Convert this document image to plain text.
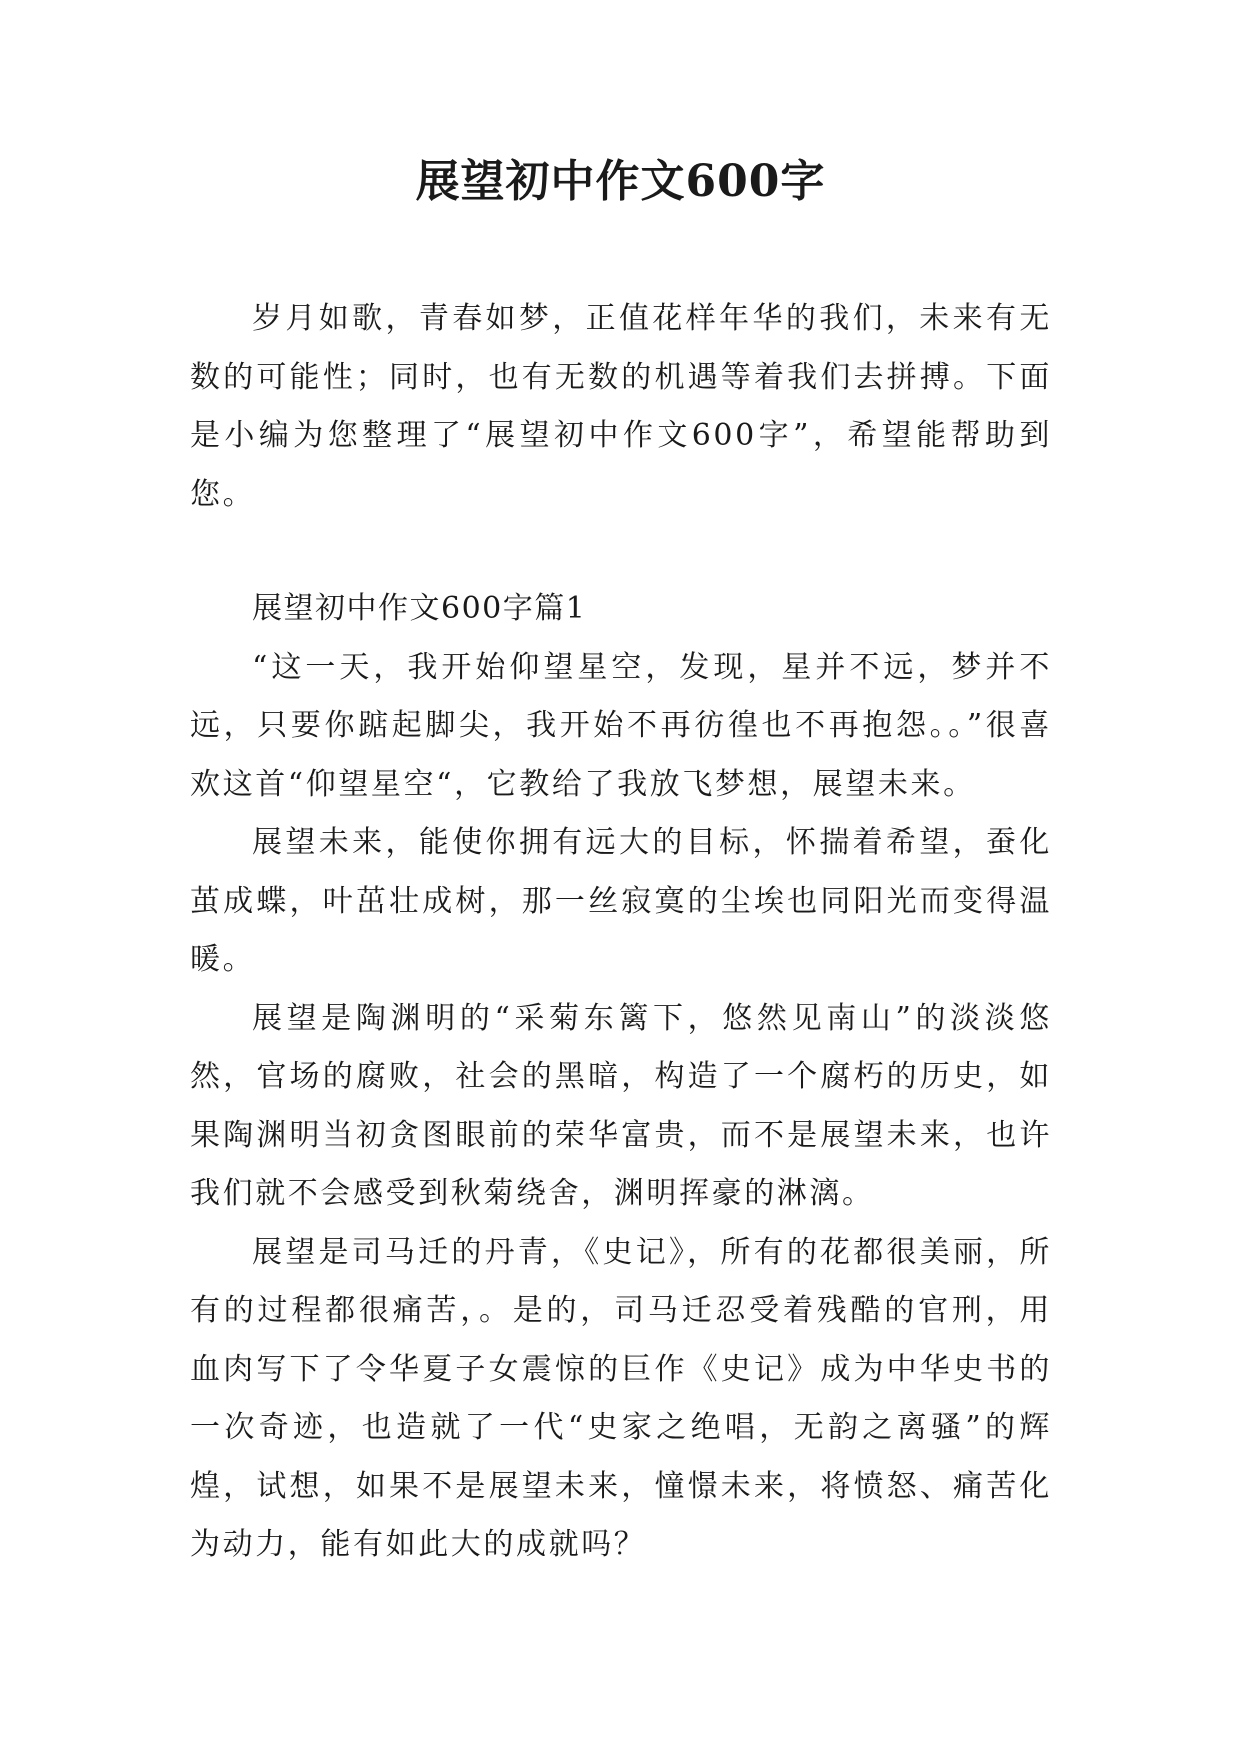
展望初中作文600字

岁月如歌，青春如梦，正值花样年华的我们，未来有无数的可能性；同时，也有无数的机遇等着我们去拼搏。下面是小编为您整理了“展望初中作文600字”，希望能帮助到您。

展望初中作文600字篇1

“这一天，我开始仰望星空，发现，星并不远，梦并不远，只要你踮起脚尖，我开始不再彷徨也不再抱怨。。”很喜欢这首“仰望星空“，它教给了我放飞梦想，展望未来。

展望未来，能使你拥有远大的目标，怀揣着希望，蚕化茧成蝶，叶茁壮成树，那一丝寂寞的尘埃也同阳光而变得温暖。

展望是陶渊明的“采菊东篱下，悠然见南山”的淡淡悠然，官场的腐败，社会的黑暗，构造了一个腐朽的历史，如果陶渊明当初贪图眼前的荣华富贵，而不是展望未来，也许我们就不会感受到秋菊绕舍，渊明挥豪的淋漓。

展望是司马迁的丹青，《史记》，所有的花都很美丽，所有的过程都很痛苦，。是的，司马迁忍受着残酷的官刑，用血肉写下了令华夏子女震惊的巨作《史记》成为中华史书的一次奇迹，也造就了一代“史家之绝唱，无韵之离骚”的辉煌，试想，如果不是展望未来，憧憬未来，将愤怒、痛苦化为动力，能有如此大的成就吗？
